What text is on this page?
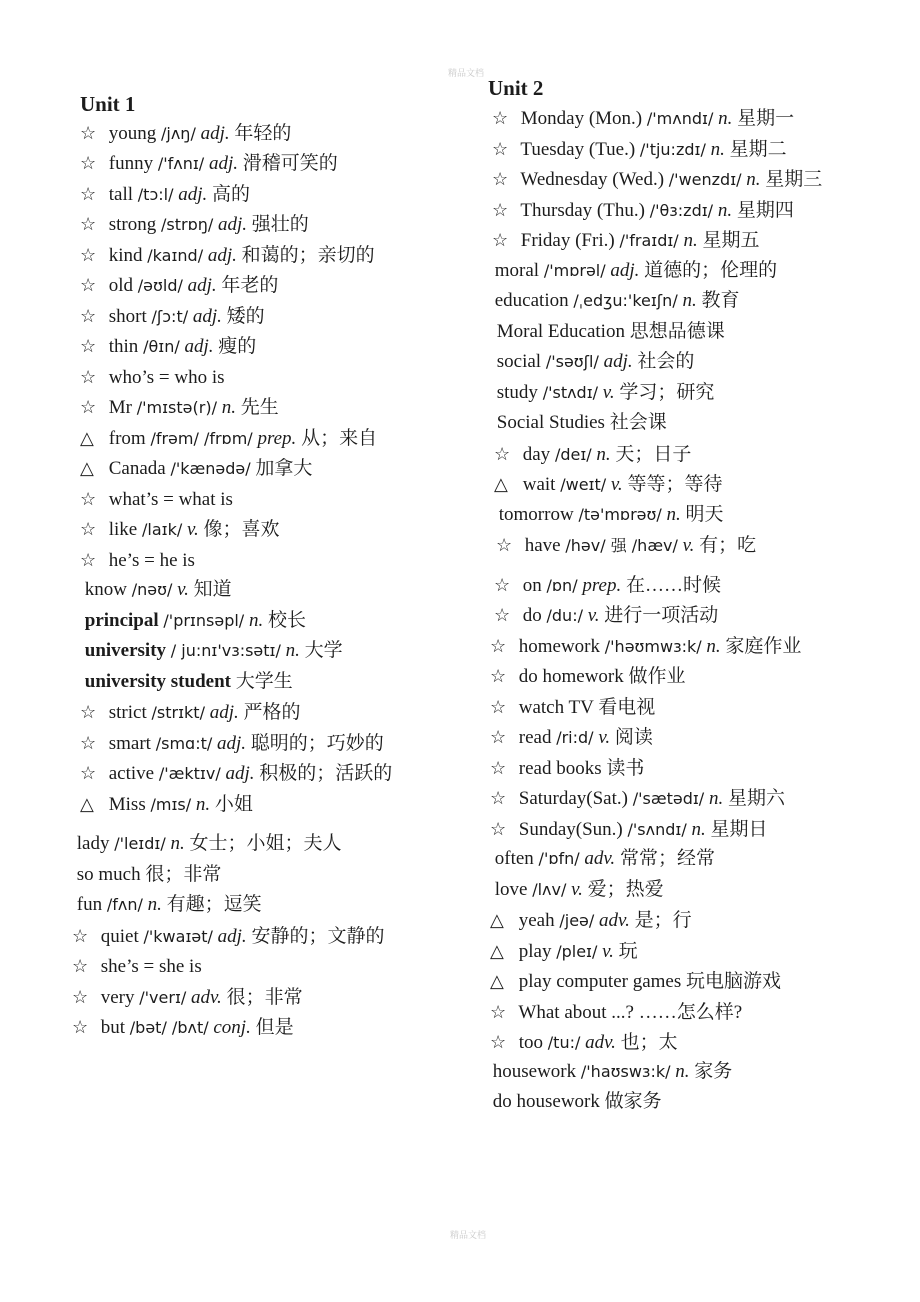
精品文档
Unit 1
☆ young /jʌŋ/ adj. 年轻的
☆ funny /'fʌnɪ/ adj. 滑稽可笑的
☆ tall /tɔ:l/ adj. 高的
☆ strong /strɒŋ/ adj. 强壮的
☆ kind /kaɪnd/ adj. 和蔼的；亲切的
☆ old /əʊld/ adj. 年老的
☆ short /ʃɔ:t/ adj. 矮的
☆ thin /θɪn/ adj. 瘦的
☆ who’s = who is
☆ Mr /'mɪstə(r)/ n. 先生
△ from /frəm/ /frɒm/ prep. 从；来自
△ Canada /'kænədə/ 加拿大
☆ what’s = what is
☆ like /laɪk/ v. 像；喜欢
☆ he’s = he is
know /nəʊ/ v. 知道
principal /'prɪnsəpl/ n. 校长
university / ju:nɪ'vɜ:sətɪ/ n. 大学
university student 大学生
☆ strict /strɪkt/ adj. 严格的
☆ smart /smɑ:t/ adj. 聪明的；巧妙的
☆ active /'æktɪv/ adj. 积极的；活跃的
△ Miss /mɪs/ n. 小姐
lady /'leɪdɪ/ n. 女士；小姐；夫人
so much 很；非常
fun /fʌn/ n. 有趣；逗笑
☆ quiet /'kwaɪət/ adj. 安静的；文静的
☆ she’s = she is
☆ very /'verɪ/ adv. 很；非常
☆ but /bət/ /bʌt/ conj. 但是
Unit 2
☆ Monday (Mon.) /'mʌndɪ/ n. 星期一
☆ Tuesday (Tue.) /'tju:zdɪ/ n. 星期二
☆ Wednesday (Wed.) /'wenzdɪ/ n. 星期三
☆ Thursday (Thu.) /'θɜ:zdɪ/ n. 星期四
☆ Friday (Fri.) /'fraɪdɪ/ n. 星期五
moral /'mɒrəl/ adj. 道德的；伦理的
education /ˌedʒu:'keɪʃn/ n. 教育
Moral Education 思想品德课
social /'səʊʃl/ adj. 社会的
study /'stʌdɪ/ v. 学习；研究
Social Studies 社会课
☆ day /deɪ/ n. 天；日子
△ wait /weɪt/ v. 等等；等待
tomorrow /tə'mɒrəʊ/ n. 明天
☆ have /həv/ 强 /hæv/ v. 有；吃
☆ on /ɒn/ prep. 在……时候
☆ do /du:/ v. 进行一项活动
☆ homework /'həʊmwɜ:k/ n. 家庭作业
☆ do homework 做作业
☆ watch TV 看电视
☆ read /ri:d/ v. 阅读
☆ read books 读书
☆ Saturday(Sat.) /'sætədɪ/ n. 星期六
☆ Sunday(Sun.) /'sʌndɪ/ n. 星期日
often /'ɒfn/ adv. 常常；经常
love /lʌv/ v. 爱；热爱
△ yeah /jeə/ adv. 是；行
△ play /pleɪ/ v. 玩
△ play computer games 玩电脑游戏
☆ What about ...? ……怎么样?
☆ too /tu:/ adv. 也；太
housework /'haʊswɜ:k/ n. 家务
do housework 做家务
精品文档
